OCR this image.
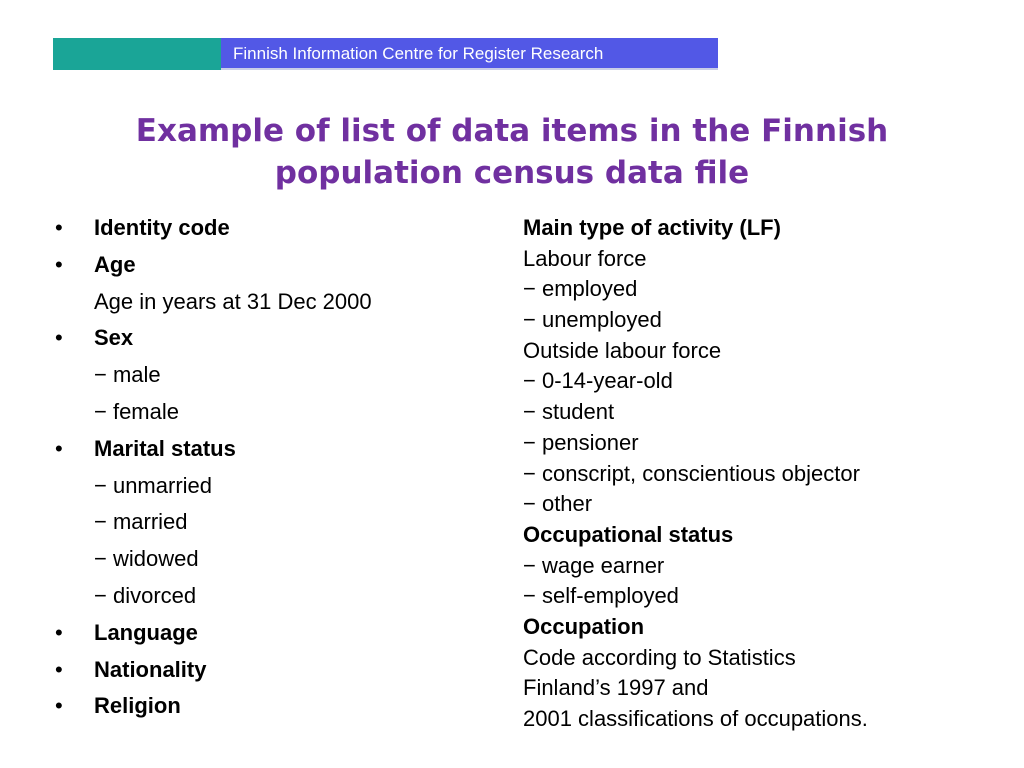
Finnish Information Centre for Register Research
Example of list of data items in the Finnish
population census data file
• Identity code
• Age
Age in years at 31 Dec 2000
• Sex
− male
− female
• Marital status
− unmarried
− married
− widowed
− divorced
• Language
• Nationality
• Religion
Main type of activity (LF)
Labour force
− employed
− unemployed
Outside labour force
− 0-14-year-old
− student
− pensioner
− conscript, conscientious objector
− other
Occupational status
− wage earner
− self-employed
Occupation
Code according to Statistics
Finland’s 1997 and
2001 classifications of occupations.
